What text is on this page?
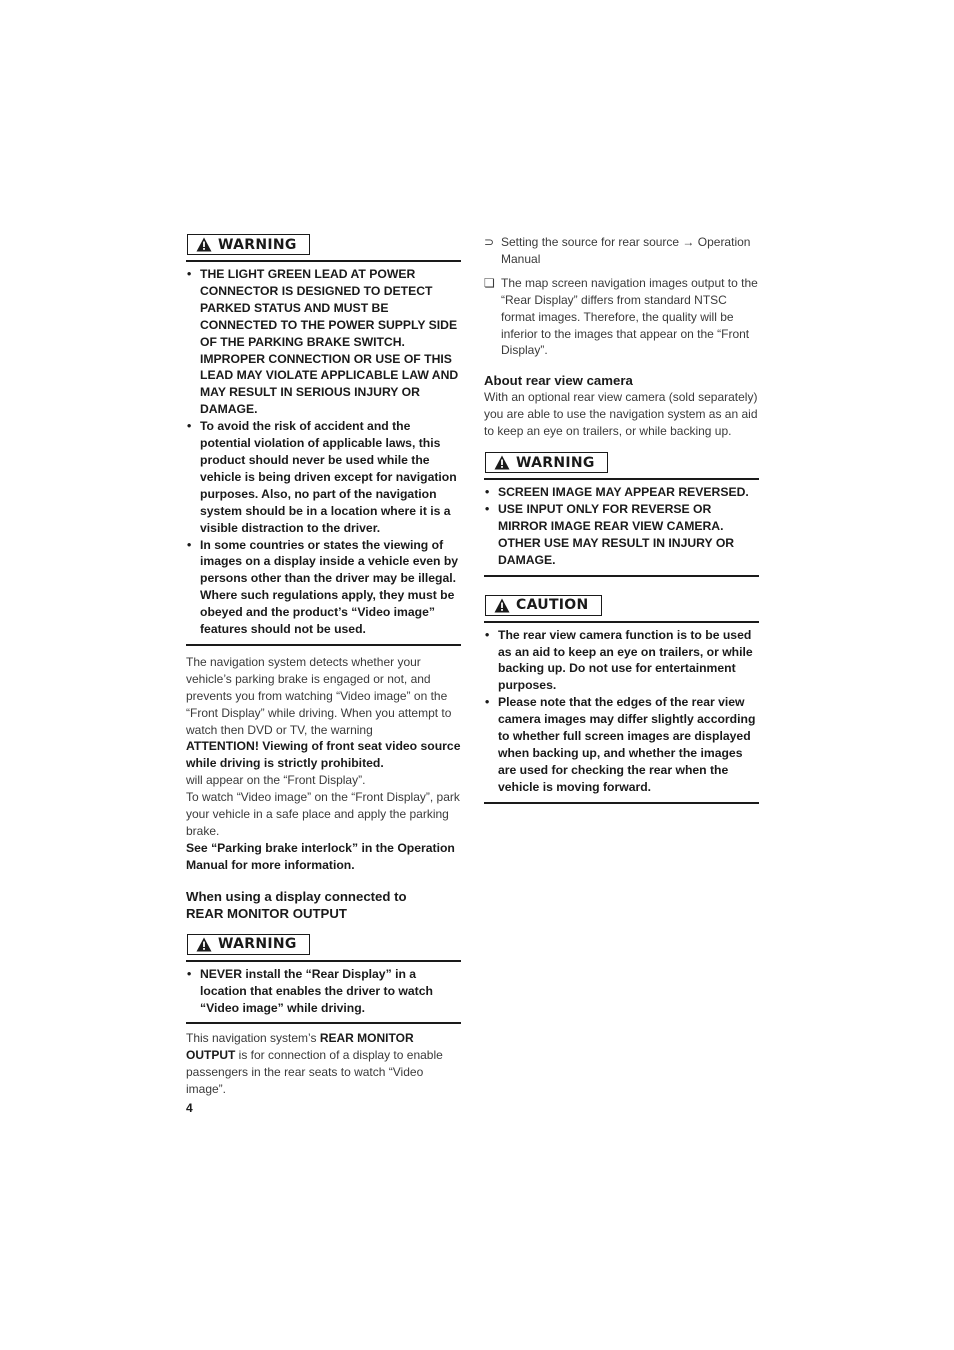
WARNING
• THE LIGHT GREEN LEAD AT POWER CONNECTOR IS DESIGNED TO DETECT PARKED STATUS AND MUST BE CONNECTED TO THE POWER SUPPLY SIDE OF THE PARKING BRAKE SWITCH. IMPROPER CONNECTION OR USE OF THIS LEAD MAY VIOLATE APPLICABLE LAW AND MAY RESULT IN SERIOUS INJURY OR DAMAGE.
• To avoid the risk of accident and the potential violation of applicable laws, this product should never be used while the vehicle is being driven except for navigation purposes. Also, no part of the navigation system should be in a location where it is a visible distraction to the driver.
• In some countries or states the viewing of images on a display inside a vehicle even by persons other than the driver may be illegal. Where such regulations apply, they must be obeyed and the product’s “Video image” features should not be used.

The navigation system detects whether your vehicle’s parking brake is engaged or not, and prevents you from watching “Video image” on the “Front Display” while driving. When you attempt to watch then DVD or TV, the warning

ATTENTION! Viewing of front seat video source while driving is strictly prohibited.

will appear on the “Front Display”.

To watch “Video image” on the “Front Display”, park your vehicle in a safe place and apply the parking brake.

See “Parking brake interlock” in the Operation Manual for more information.

When using a display connected to
REAR MONITOR OUTPUT
WARNING
• NEVER install the “Rear Display” in a location that enables the driver to watch “Video image” while driving.

This navigation system’s REAR MONITOR OUTPUT is for connection of a display to enable passengers in the rear seats to watch “Video image”.

⊃ Setting the source for rear source → Operation Manual
❏ The map screen navigation images output to the “Rear Display” differs from standard NTSC format images. Therefore, the quality will be inferior to the images that appear on the “Front Display”.
About rear view camera

With an optional rear view camera (sold separately) you are able to use the navigation system as an aid to keep an eye on trailers, or while backing up.

WARNING
• SCREEN IMAGE MAY APPEAR REVERSED.
• USE INPUT ONLY FOR REVERSE OR MIRROR IMAGE REAR VIEW CAMERA. OTHER USE MAY RESULT IN INJURY OR DAMAGE.
CAUTION
• The rear view camera function is to be used as an aid to keep an eye on trailers, or while backing up. Do not use for entertainment purposes.
• Please note that the edges of the rear view camera images may differ slightly according to whether full screen images are displayed when backing up, and whether the images are used for checking the rear when the vehicle is moving forward.
4
